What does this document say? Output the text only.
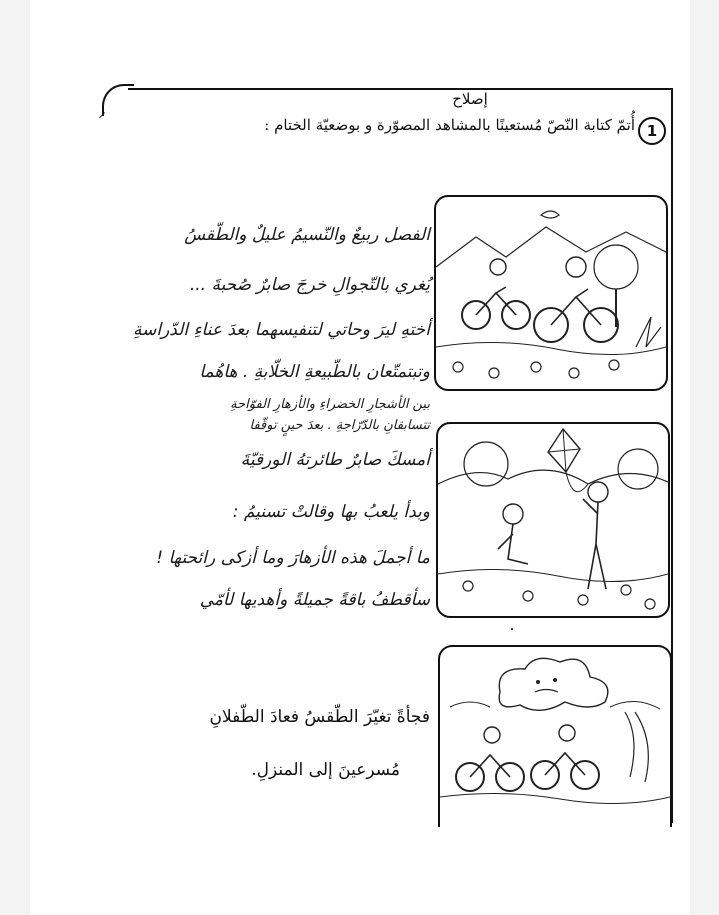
⸝
إصلاح
1
أُتمّ كتابة النّصّ مُستعينًا بالمشاهد المصوّرة و بوضعيّة الختام :
الفصل ربيعٌ والنّسيمُ عليلٌ والطّقسُ
يُغري بالتّجوالِ خرجَ صابرٌ صُحبةَ ...
أختهِ ليرَ وحاتي لتنفيسهما بعدَ عناءِ الدّراسةِ
وتبتمتّعان بالطّبيعةِ الخلّابةِ . هاهُما
بين الأشجارِ الخضراءِ والأزهارِ الفوّاحةِ
تتسابقانِ بالدّرّاجةِ . بعدَ حينٍ توقّفا
أمسكَ صابرٌ طائرتهُ الورقيّةَ
وبدأ يلعبُ بها وقالتْ تسنيمُ :
ما أجملَ هذه الأزهارَ وما أزكى رائحتها !
سأقطفُ باقةً جميلةً وأهديها لأمّي
فجأةً تغيّرَ الطّقسُ فعادَ الطّفلانِ
مُسرعينَ إلى المنزلِ.
